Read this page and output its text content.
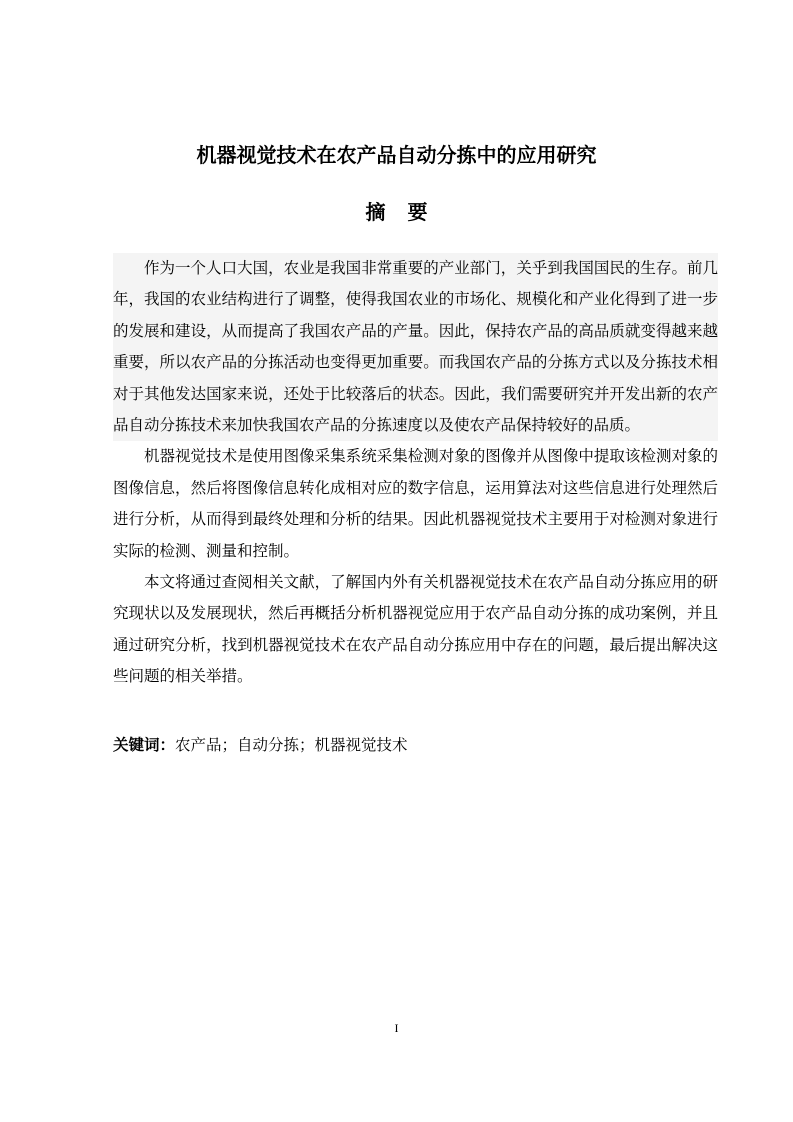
机器视觉技术在农产品自动分拣中的应用研究
摘要

作为一个人口大国，农业是我国非常重要的产业部门，关乎到我国国民的生存。前几年，我国的农业结构进行了调整，使得我国农业的市场化、规模化和产业化得到了进一步的发展和建设，从而提高了我国农产品的产量。因此，保持农产品的高品质就变得越来越重要，所以农产品的分拣活动也变得更加重要。而我国农产品的分拣方式以及分拣技术相对于其他发达国家来说，还处于比较落后的状态。因此，我们需要研究并开发出新的农产品自动分拣技术来加快我国农产品的分拣速度以及使农产品保持较好的品质。

机器视觉技术是使用图像采集系统采集检测对象的图像并从图像中提取该检测对象的图像信息，然后将图像信息转化成相对应的数字信息，运用算法对这些信息进行处理然后进行分析，从而得到最终处理和分析的结果。因此机器视觉技术主要用于对检测对象进行实际的检测、测量和控制。

本文将通过查阅相关文献，了解国内外有关机器视觉技术在农产品自动分拣应用的研究现状以及发展现状，然后再概括分析机器视觉应用于农产品自动分拣的成功案例，并且通过研究分析，找到机器视觉技术在农产品自动分拣应用中存在的问题，最后提出解决这些问题的相关举措。

关键词：农产品；自动分拣；机器视觉技术
I
